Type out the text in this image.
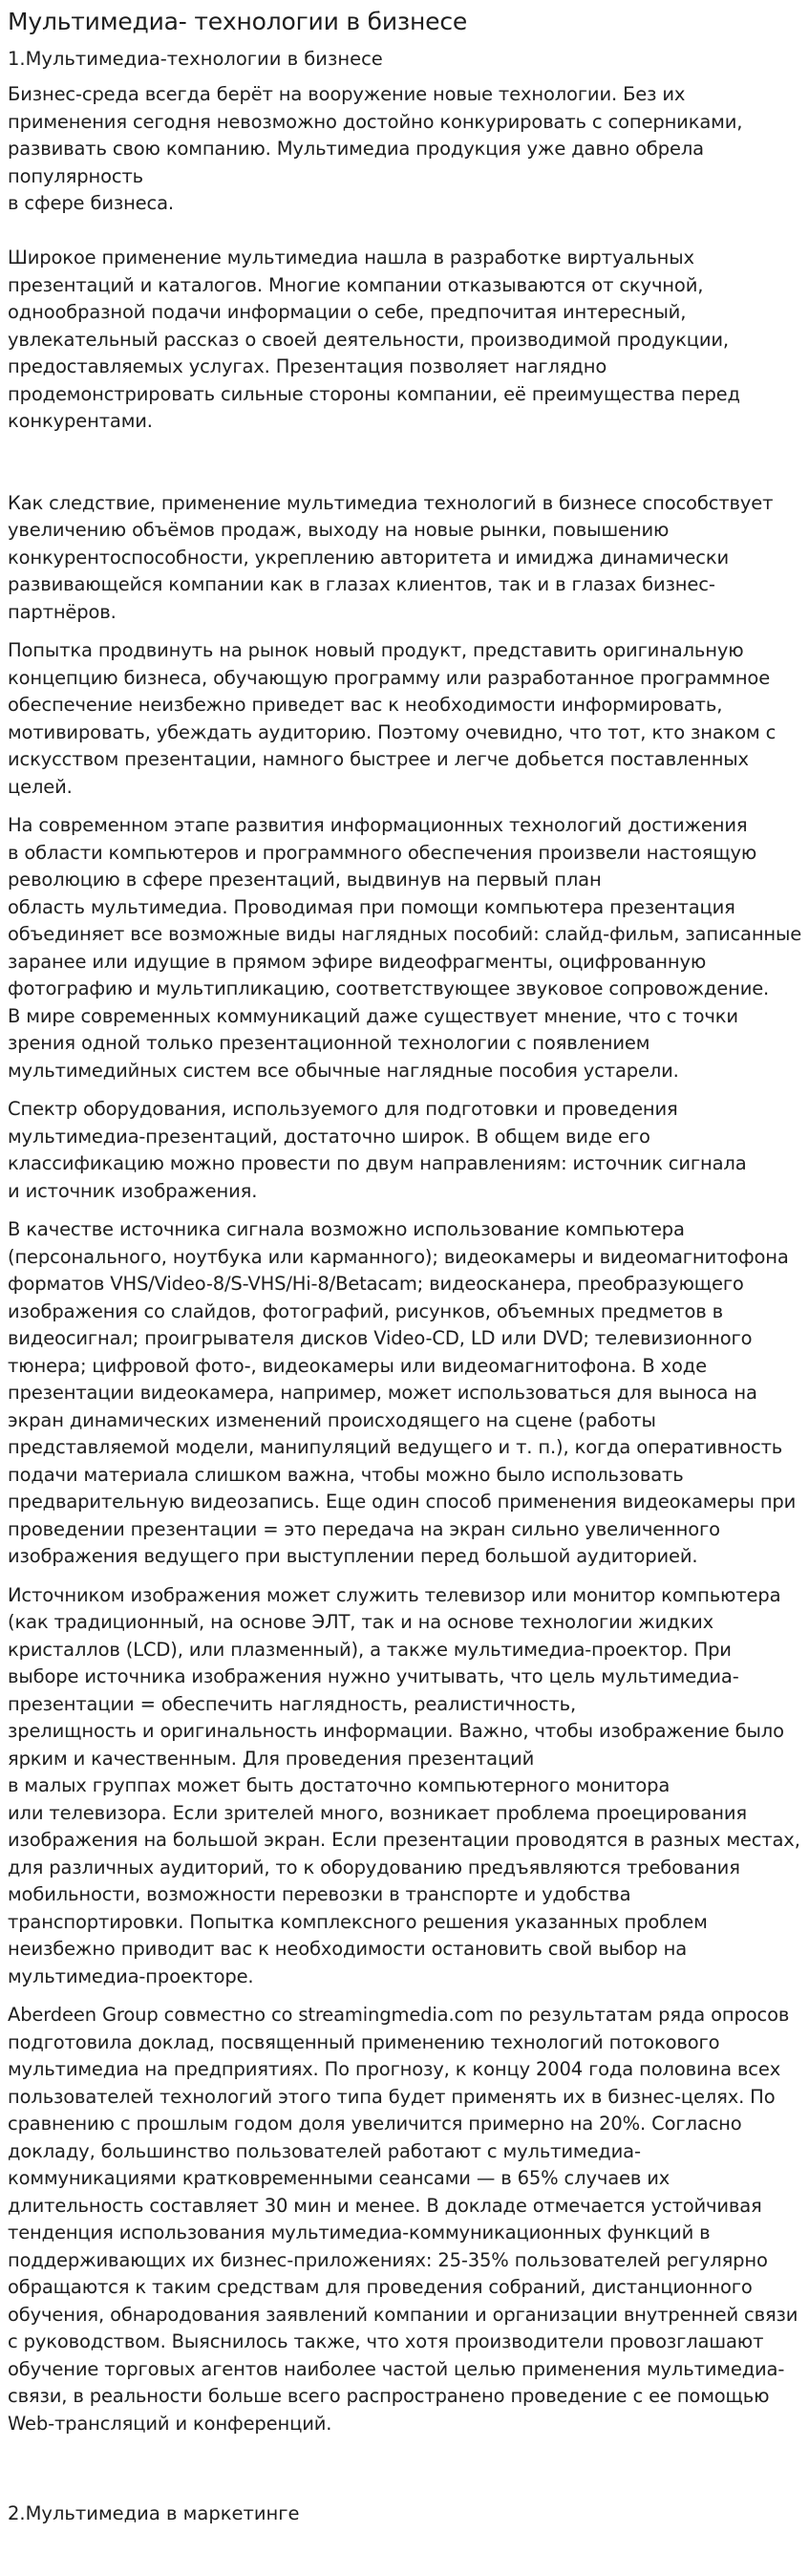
Мультимедиа- технологии в бизнесе
1.Мультимедиа-технологии в бизнесе

Бизнес-среда всегда берёт на вооружение новые технологии. Без их применения сегодня невозможно достойно конкурировать с соперниками, развивать свою компанию. Мультимедиа продукция уже давно обрела популярность
в сфере бизнеса.

Широкое применение мультимедиа нашла в разработке виртуальных презентаций и каталогов. Многие компании отказываются от скучной, однообразной подачи информации о себе, предпочитая интересный, увлекательный рассказ о своей деятельности, производимой продукции, предоставляемых услугах. Презентация позволяет наглядно продемонстрировать сильные стороны компании, её преимущества перед конкурентами.

Как следствие, применение мультимедиа технологий в бизнесе способствует увеличению объёмов продаж, выходу на новые рынки, повышению конкурентоспособности, укреплению авторитета и имиджа динамически развивающейся компании как в глазах клиентов, так и в глазах бизнес-партнёров.

Попытка продвинуть на рынок новый продукт, представить оригинальную концепцию бизнеса, обучающую программу или разработанное программное обеспечение неизбежно приведет вас к необходимости информировать, мотивировать, убеждать аудиторию. Поэтому очевидно, что тот, кто знаком с искусством презентации, намного быстрее и легче добьется поставленных целей.

На современном этапе развития информационных технологий достижения
в области компьютеров и программного обеспечения произвели настоящую революцию в сфере презентаций, выдвинув на первый план
область мультимедиа. Проводимая при помощи компьютера презентация объединяет все возможные виды наглядных пособий: слайд-фильм, записанные заранее или идущие в прямом эфире видеофрагменты, оцифрованную фотографию и мультипликацию, соответствующее звуковое сопровождение.
В мире современных коммуникаций даже существует мнение, что с точки зрения одной только презентационной технологии с появлением мультимедийных систем все обычные наглядные пособия устарели.

Спектр оборудования, используемого для подготовки и проведения мультимедиа-презентаций, достаточно широк. В общем виде его классификацию можно провести по двум направлениям: источник сигнала
и источник изображения.

В качестве источника сигнала возможно использование компьютера (персонального, ноутбука или карманного); видеокамеры и видеомагнитофона форматов VHS/Video-8/S-VHS/Hi-8/Betacam; видеосканера, преобразующего изображения со слайдов, фотографий, рисунков, объемных предметов в видеосигнал; проигрывателя дисков Video-CD, LD или DVD; телевизионного тюнера; цифровой фото-, видеокамеры или видеомагнитофона. В ходе презентации видеокамера, например, может использоваться для выноса на экран динамических изменений происходящего на сцене (работы представляемой модели, манипуляций ведущего и т. п.), когда оперативность подачи материала слишком важна, чтобы можно было использовать предварительную видеозапись. Еще один способ применения видеокамеры при проведении презентации = это передача на экран сильно увеличенного изображения ведущего при выступлении перед большой аудиторией.

Источником изображения может служить телевизор или монитор компьютера (как традиционный, на основе ЭЛТ, так и на основе технологии жидких кристаллов (LCD), или плазменный), а также мультимедиа-проектор. При выборе источника изображения нужно учитывать, что цель мультимедиа-презентации = обеспечить наглядность, реалистичность,
зрелищность и оригинальность информации. Важно, чтобы изображение было ярким и качественным. Для проведения презентаций
в малых группах может быть достаточно компьютерного монитора
или телевизора. Если зрителей много, возникает проблема проецирования изображения на большой экран. Если презентации проводятся в разных местах, для различных аудиторий, то к оборудованию предъявляются требования мобильности, возможности перевозки в транспорте и удобства транспортировки. Попытка комплексного решения указанных проблем неизбежно приводит вас к необходимости остановить свой выбор на мультимедиа-проекторе.

Aberdeen Group совместно со streamingmedia.com по результатам ряда опросов подготовила доклад, посвященный применению технологий потокового мультимедиа на предприятиях. По прогнозу, к концу 2004 года половина всех пользователей технологий этого типа будет применять их в бизнес-целях. По сравнению с прошлым годом доля увеличится примерно на 20%. Согласно докладу, большинство пользователей работают с мультимедиа-коммуникациями кратковременными сеансами — в 65% случаев их длительность составляет 30 мин и менее. В докладе отмечается устойчивая тенденция использования мультимедиа-коммуникационных функций в поддерживающих их бизнес-приложениях: 25-35% пользователей регулярно обращаются к таким средствам для проведения собраний, дистанционного обучения, обнародования заявлений компании и организации внутренней связи с руководством. Выяснилось также, что хотя производители провозглашают обучение торговых агентов наиболее частой целью применения мультимедиа-связи, в реальности больше всего распространено проведение с ее помощью Web-трансляций и конференций.

2.Мультимедиа в маркетинге
